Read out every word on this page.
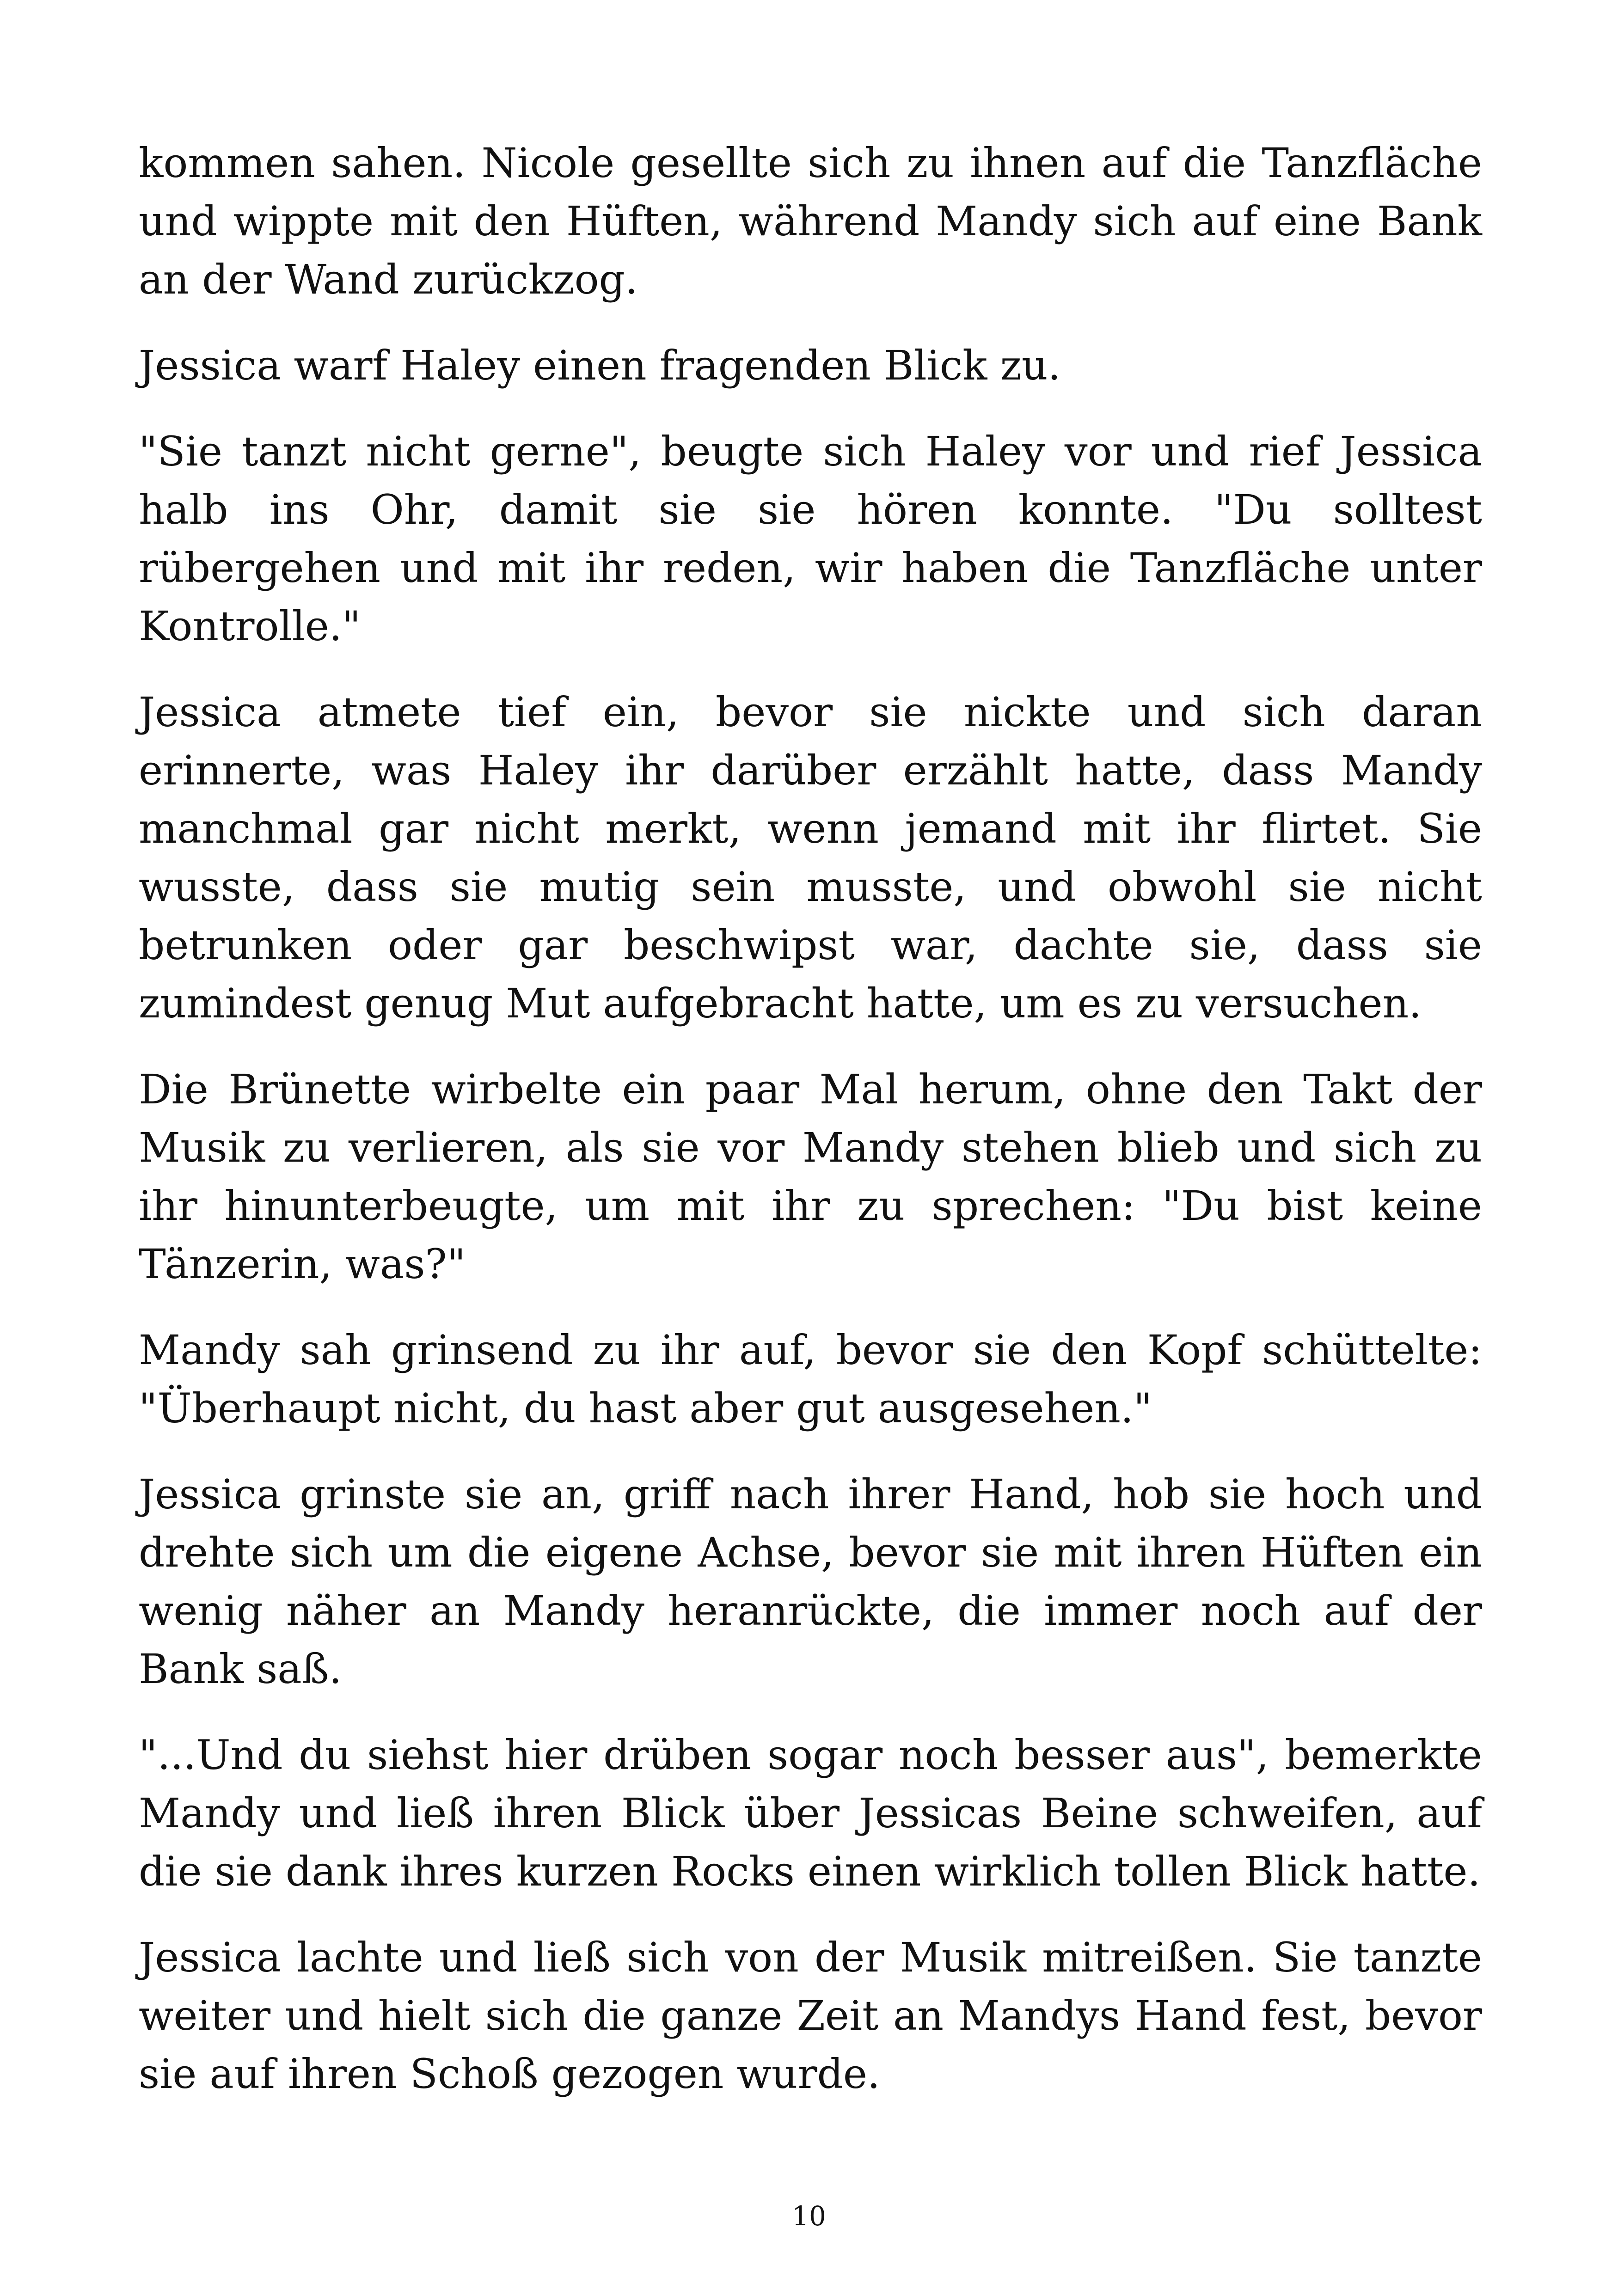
kommen sahen. Nicole gesellte sich zu ihnen auf die Tanzfläche und wippte mit den Hüften, während Mandy sich auf eine Bank an der Wand zurückzog.

Jessica warf Haley einen fragenden Blick zu.

"Sie tanzt nicht gerne", beugte sich Haley vor und rief Jessica halb ins Ohr, damit sie sie hören konnte. "Du solltest rübergehen und mit ihr reden, wir haben die Tanzfläche unter Kontrolle."

Jessica atmete tief ein, bevor sie nickte und sich daran erinnerte, was Haley ihr darüber erzählt hatte, dass Mandy manchmal gar nicht merkt, wenn jemand mit ihr flirtet. Sie wusste, dass sie mutig sein musste, und obwohl sie nicht betrunken oder gar beschwipst war, dachte sie, dass sie zumindest genug Mut aufgebracht hatte, um es zu versuchen.

Die Brünette wirbelte ein paar Mal herum, ohne den Takt der Musik zu verlieren, als sie vor Mandy stehen blieb und sich zu ihr hinunterbeugte, um mit ihr zu sprechen: "Du bist keine Tänzerin, was?"

Mandy sah grinsend zu ihr auf, bevor sie den Kopf schüttelte: "Überhaupt nicht, du hast aber gut ausgesehen."

Jessica grinste sie an, griff nach ihrer Hand, hob sie hoch und drehte sich um die eigene Achse, bevor sie mit ihren Hüften ein wenig näher an Mandy heranrückte, die immer noch auf der Bank saß.

"...Und du siehst hier drüben sogar noch besser aus", bemerkte Mandy und ließ ihren Blick über Jessicas Beine schweifen, auf die sie dank ihres kurzen Rocks einen wirklich tollen Blick hatte.

Jessica lachte und ließ sich von der Musik mitreißen. Sie tanzte weiter und hielt sich die ganze Zeit an Mandys Hand fest, bevor sie auf ihren Schoß gezogen wurde.

10
